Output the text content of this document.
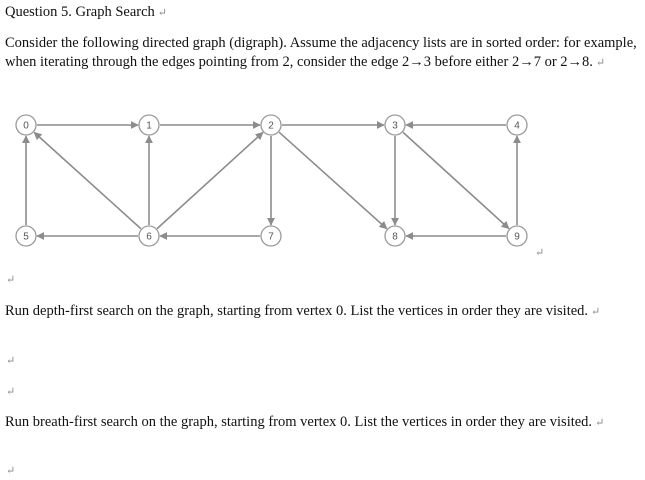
Question 5. Graph Search ↵
Consider the following directed graph (digraph). Assume the adjacency lists are in sorted order: for example, when iterating through the edges pointing from 2, consider the edge 2→3 before either 2→7 or 2→8. ↵
0	1	2	3	4
5	6	7	8	9
↵
↵
Run depth-first search on the graph, starting from vertex 0. List the vertices in order they are visited. ↵
↵
↵
Run breath-first search on the graph, starting from vertex 0. List the vertices in order they are visited. ↵
↵
